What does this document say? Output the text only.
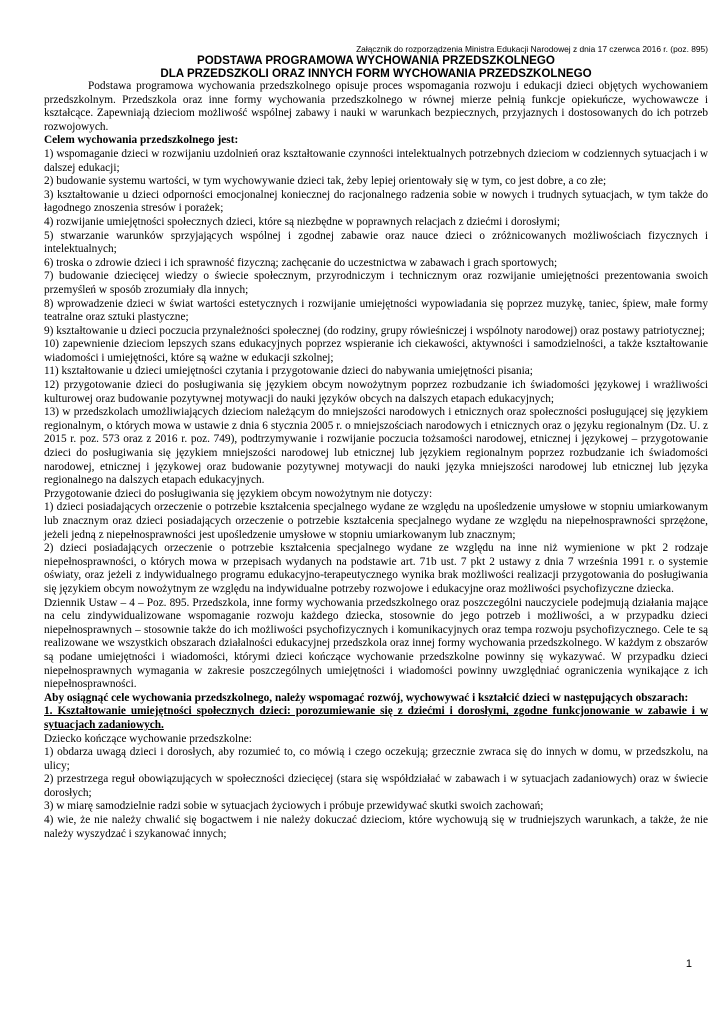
Załącznik do rozporządzenia Ministra Edukacji Narodowej z dnia 17 czerwca 2016 r. (poz. 895)

PODSTAWA PROGRAMOWA WYCHOWANIA PRZEDSZKOLNEGO

DLA PRZEDSZKOLI ORAZ INNYCH FORM WYCHOWANIA PRZEDSZKOLNEGO

Podstawa programowa wychowania przedszkolnego opisuje proces wspomagania rozwoju i edukacji dzieci objętych wychowaniem przedszkolnym. Przedszkola oraz inne formy wychowania przedszkolnego w równej mierze pełnią funkcje opiekuńcze, wychowawcze i kształcące. Zapewniają dzieciom możliwość wspólnej zabawy i nauki w warunkach bezpiecznych, przyjaznych i dostosowanych do ich potrzeb rozwojowych.

Celem wychowania przedszkolnego jest:

1) wspomaganie dzieci w rozwijaniu uzdolnień oraz kształtowanie czynności intelektualnych potrzebnych dzieciom w codziennych sytuacjach i w dalszej edukacji;

2) budowanie systemu wartości, w tym wychowywanie dzieci tak, żeby lepiej orientowały się w tym, co jest dobre, a co złe;

3) kształtowanie u dzieci odporności emocjonalnej koniecznej do racjonalnego radzenia sobie w nowych i trudnych sytuacjach, w tym także do łagodnego znoszenia stresów i porażek;

4) rozwijanie umiejętności społecznych dzieci, które są niezbędne w poprawnych relacjach z dziećmi i dorosłymi;

5) stwarzanie warunków sprzyjających wspólnej i zgodnej zabawie oraz nauce dzieci o zróżnicowanych możliwościach fizycznych i intelektualnych;

6) troska o zdrowie dzieci i ich sprawność fizyczną; zachęcanie do uczestnictwa w zabawach i grach sportowych;

7) budowanie dziecięcej wiedzy o świecie społecznym, przyrodniczym i technicznym oraz rozwijanie umiejętności prezentowania swoich przemyśleń w sposób zrozumiały dla innych;

8) wprowadzenie dzieci w świat wartości estetycznych i rozwijanie umiejętności wypowiadania się poprzez muzykę, taniec, śpiew, małe formy teatralne oraz sztuki plastyczne;

9) kształtowanie u dzieci poczucia przynależności społecznej (do rodziny, grupy rówieśniczej i wspólnoty narodowej) oraz postawy patriotycznej;

10) zapewnienie dzieciom lepszych szans edukacyjnych poprzez wspieranie ich ciekawości, aktywności i samodzielności, a także kształtowanie wiadomości i umiejętności, które są ważne w edukacji szkolnej;

11) kształtowanie u dzieci umiejętności czytania i przygotowanie dzieci do nabywania umiejętności pisania;

12) przygotowanie dzieci do posługiwania się językiem obcym nowożytnym poprzez rozbudzanie ich świadomości językowej i wrażliwości kulturowej oraz budowanie pozytywnej motywacji do nauki języków obcych na dalszych etapach edukacyjnych;

13) w przedszkolach umożliwiających dzieciom należącym do mniejszości narodowych i etnicznych oraz społeczności posługującej się językiem regionalnym, o których mowa w ustawie z dnia 6 stycznia 2005 r. o mniejszościach narodowych i etnicznych oraz o języku regionalnym (Dz. U. z 2015 r. poz. 573 oraz z 2016 r. poz. 749), podtrzymywanie i rozwijanie poczucia tożsamości narodowej, etnicznej i językowej – przygotowanie dzieci do posługiwania się językiem mniejszości narodowej lub etnicznej lub językiem regionalnym poprzez rozbudzanie ich świadomości narodowej, etnicznej i językowej oraz budowanie pozytywnej motywacji do nauki języka mniejszości narodowej lub etnicznej lub języka regionalnego na dalszych etapach edukacyjnych.

Przygotowanie dzieci do posługiwania się językiem obcym nowożytnym nie dotyczy:

1) dzieci posiadających orzeczenie o potrzebie kształcenia specjalnego wydane ze względu na upośledzenie umysłowe w stopniu umiarkowanym lub znacznym oraz dzieci posiadających orzeczenie o potrzebie kształcenia specjalnego wydane ze względu na niepełnosprawności sprzężone, jeżeli jedną z niepełnosprawności jest upośledzenie umysłowe w stopniu umiarkowanym lub znacznym;

2) dzieci posiadających orzeczenie o potrzebie kształcenia specjalnego wydane ze względu na inne niż wymienione w pkt 2 rodzaje niepełnosprawności, o których mowa w przepisach wydanych na podstawie art. 71b ust. 7 pkt 2 ustawy z dnia 7 września 1991 r. o systemie oświaty, oraz jeżeli z indywidualnego programu edukacyjno-terapeutycznego wynika brak możliwości realizacji przygotowania do posługiwania się językiem obcym nowożytnym ze względu na indywidualne potrzeby rozwojowe i edukacyjne oraz możliwości psychofizyczne dziecka.

Dziennik Ustaw – 4 – Poz. 895. Przedszkola, inne formy wychowania przedszkolnego oraz poszczególni nauczyciele podejmują działania mające na celu zindywidualizowane wspomaganie rozwoju każdego dziecka, stosownie do jego potrzeb i możliwości, a w przypadku dzieci niepełnosprawnych – stosownie także do ich możliwości psychofizycznych i komunikacyjnych oraz tempa rozwoju psychofizycznego. Cele te są realizowane we wszystkich obszarach działalności edukacyjnej przedszkola oraz innej formy wychowania przedszkolnego. W każdym z obszarów są podane umiejętności i wiadomości, którymi dzieci kończące wychowanie przedszkolne powinny się wykazywać. W przypadku dzieci niepełnosprawnych wymagania w zakresie poszczególnych umiejętności i wiadomości powinny uwzględniać ograniczenia wynikające z ich niepełnosprawności.

Aby osiągnąć cele wychowania przedszkolnego, należy wspomagać rozwój, wychowywać i kształcić dzieci w następujących obszarach:

1. Kształtowanie umiejętności społecznych dzieci: porozumiewanie się z dziećmi i dorosłymi, zgodne funkcjonowanie w zabawie i w sytuacjach zadaniowych.

Dziecko kończące wychowanie przedszkolne:

1) obdarza uwagą dzieci i dorosłych, aby rozumieć to, co mówią i czego oczekują; grzecznie zwraca się do innych w domu, w przedszkolu, na ulicy;

2) przestrzega reguł obowiązujących w społeczności dziecięcej (stara się współdziałać w zabawach i w sytuacjach zadaniowych) oraz w świecie dorosłych;

3) w miarę samodzielnie radzi sobie w sytuacjach życiowych i próbuje przewidywać skutki swoich zachowań;

4) wie, że nie należy chwalić się bogactwem i nie należy dokuczać dzieciom, które wychowują się w trudniejszych warunkach, a także, że nie należy wyszydzać i szykanować innych;

1
